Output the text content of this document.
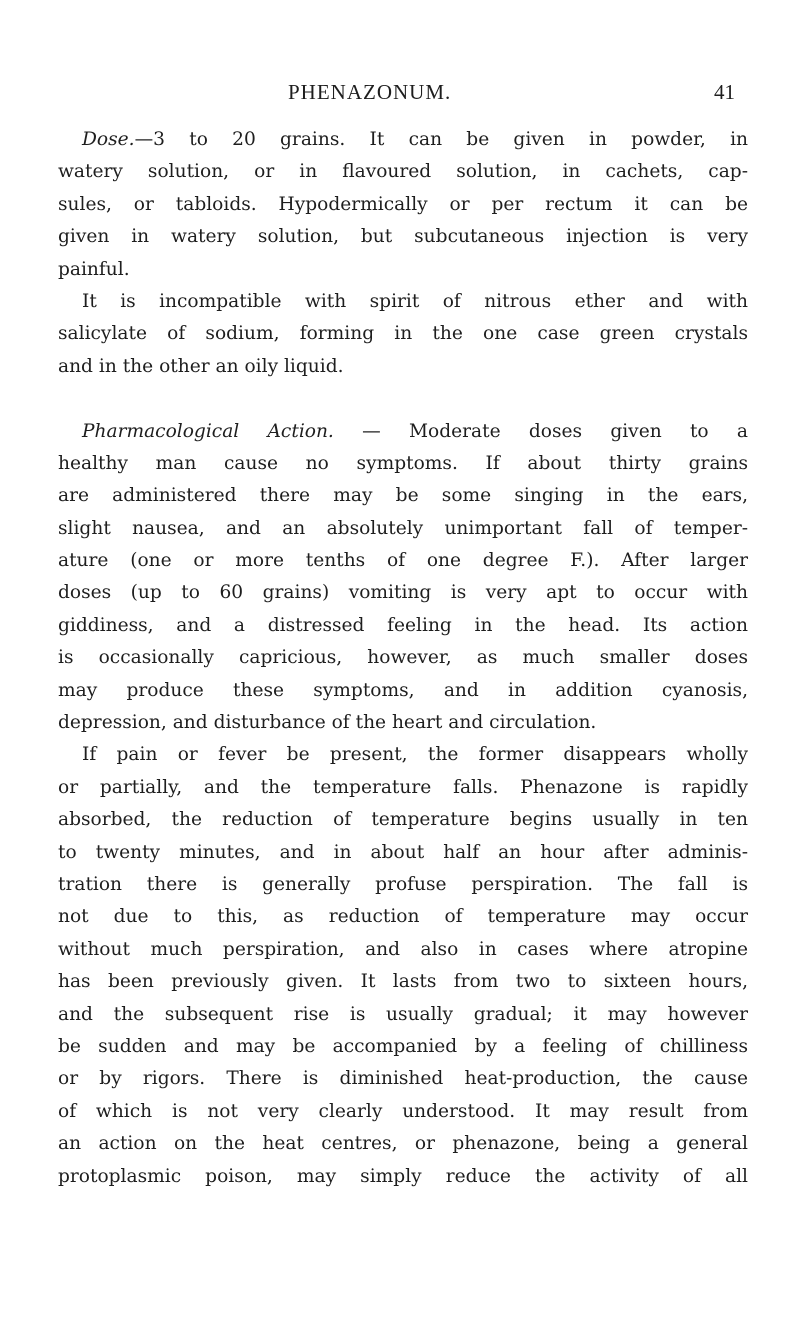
PHENAZONUM.	41
Dose.—3 to 20 grains. It can be given in powder, in
watery solution, or in flavoured solution, in cachets, cap-
sules, or tabloids. Hypodermically or per rectum it can be
given in watery solution, but subcutaneous injection is very
painful.
It is incompatible with spirit of nitrous ether and with
salicylate of sodium, forming in the one case green crystals
and in the other an oily liquid.
Pharmacological Action. — Moderate doses given to a
healthy man cause no symptoms. If about thirty grains
are administered there may be some singing in the ears,
slight nausea, and an absolutely unimportant fall of temper-
ature (one or more tenths of one degree F.). After larger
doses (up to 60 grains) vomiting is very apt to occur with
giddiness, and a distressed feeling in the head. Its action
is occasionally capricious, however, as much smaller doses
may produce these symptoms, and in addition cyanosis,
depression, and disturbance of the heart and circulation.
If pain or fever be present, the former disappears wholly
or partially, and the temperature falls. Phenazone is rapidly
absorbed, the reduction of temperature begins usually in ten
to twenty minutes, and in about half an hour after adminis-
tration there is generally profuse perspiration. The fall is
not due to this, as reduction of temperature may occur
without much perspiration, and also in cases where atropine
has been previously given. It lasts from two to sixteen hours,
and the subsequent rise is usually gradual; it may however
be sudden and may be accompanied by a feeling of chilliness
or by rigors. There is diminished heat-production, the cause
of which is not very clearly understood. It may result from
an action on the heat centres, or phenazone, being a general
protoplasmic poison, may simply reduce the activity of all
